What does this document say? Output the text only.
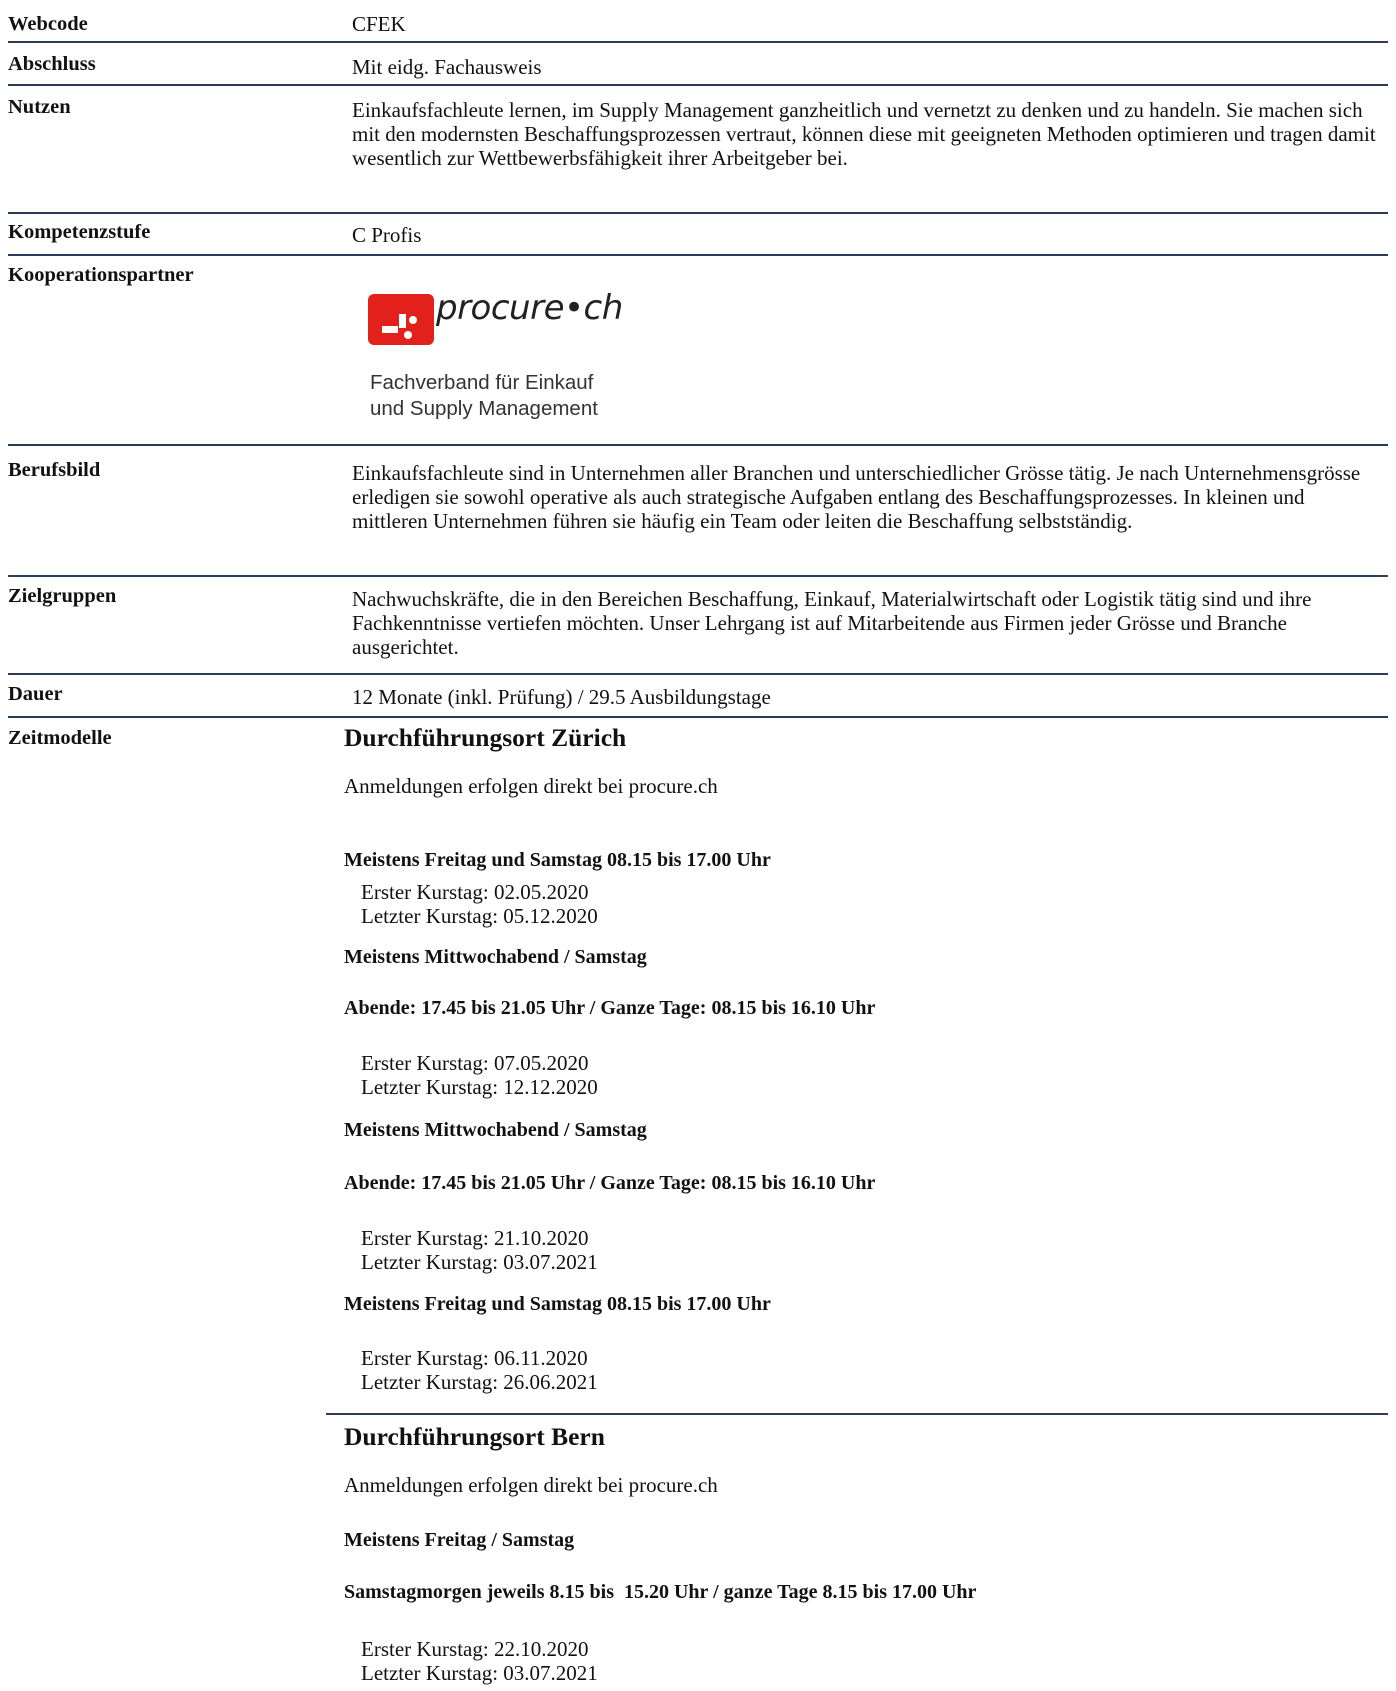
Webcode	CFEK
Abschluss	Mit eidg. Fachausweis
Nutzen	Einkaufsfachleute lernen, im Supply Management ganzheitlich und vernetzt zu denken und zu handeln. Sie machen sich mit den modernsten Beschaffungsprozessen vertraut, können diese mit geeigneten Methoden optimieren und tragen damit wesentlich zur Wettbewerbsfähigkeit ihrer Arbeitgeber bei.
Kompetenzstufe	C Profis
Kooperationspartner
procure•ch
Fachverband für Einkauf
und Supply Management
Berufsbild	Einkaufsfachleute sind in Unternehmen aller Branchen und unterschiedlicher Grösse tätig. Je nach Unternehmensgrösse erledigen sie sowohl operative als auch strategische Aufgaben entlang des Beschaffungsprozesses. In kleinen und mittleren Unternehmen führen sie häufig ein Team oder leiten die Beschaffung selbstständig.
Zielgruppen	Nachwuchskräfte, die in den Bereichen Beschaffung, Einkauf, Materialwirtschaft oder Logistik tätig sind und ihre Fachkenntnisse vertiefen möchten. Unser Lehrgang ist auf Mitarbeitende aus Firmen jeder Grösse und Branche ausgerichtet.
Dauer	12 Monate (inkl. Prüfung) / 29.5 Ausbildungstage
Zeitmodelle	Durchführungsort Zürich
Anmeldungen erfolgen direkt bei procure.ch
Meistens Freitag und Samstag 08.15 bis 17.00 Uhr
Erster Kurstag: 02.05.2020
Letzter Kurstag: 05.12.2020
Meistens Mittwochabend / Samstag
Abende: 17.45 bis 21.05 Uhr / Ganze Tage: 08.15 bis 16.10 Uhr
Erster Kurstag: 07.05.2020
Letzter Kurstag: 12.12.2020
Meistens Mittwochabend / Samstag
Abende: 17.45 bis 21.05 Uhr / Ganze Tage: 08.15 bis 16.10 Uhr
Erster Kurstag: 21.10.2020
Letzter Kurstag: 03.07.2021
Meistens Freitag und Samstag 08.15 bis 17.00 Uhr
Erster Kurstag: 06.11.2020
Letzter Kurstag: 26.06.2021
Durchführungsort Bern
Anmeldungen erfolgen direkt bei procure.ch
Meistens Freitag / Samstag
Samstagmorgen jeweils 8.15 bis  15.20 Uhr / ganze Tage 8.15 bis 17.00 Uhr
Erster Kurstag: 22.10.2020
Letzter Kurstag: 03.07.2021
